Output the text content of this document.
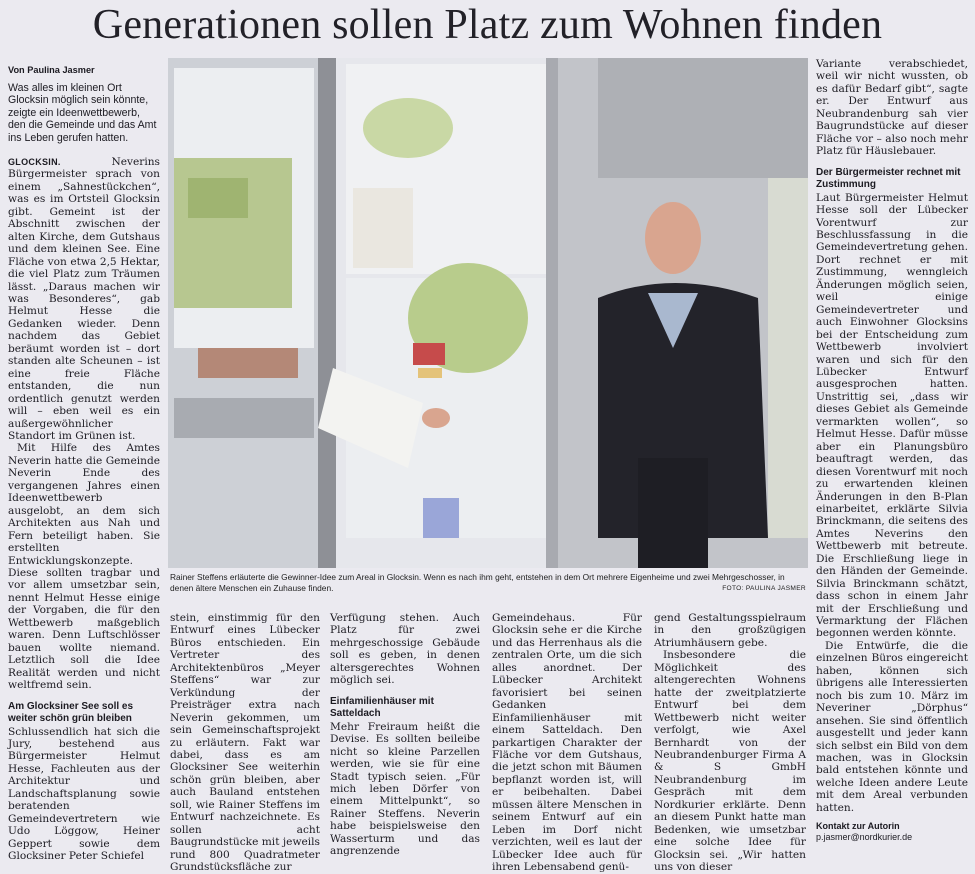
Generationen sollen Platz zum Wohnen finden
Von Paulina Jasmer
Was alles im kleinen Ort Glocksin möglich sein könnte, zeigte ein Ideenwettbewerb, den die Gemeinde und das Amt ins Leben gerufen hatten.

GLOCKSIN.	Neverins Bürgermeister sprach von einem „Sahnestückchen“, was es im Ortsteil Glocksin gibt. Gemeint ist der Abschnitt zwischen der alten Kirche, dem Gutshaus und dem kleinen See. Eine Fläche von etwa 2,5 Hektar, die viel Platz zum Träumen lässt. „Daraus machen wir was Besonderes“, gab Helmut Hesse die Gedanken wieder. Denn nachdem das Gebiet beräumt worden ist – dort standen alte Scheunen – ist eine freie Fläche entstanden, die nun ordentlich genutzt werden will – eben weil es ein außergewöhnlicher Standort im Grünen ist.

Mit Hilfe des Amtes Neverin hatte die Gemeinde Neverin Ende des vergangenen Jahres einen Ideenwettbewerb ausgelobt, an dem sich Architekten aus Nah und Fern beteiligt haben. Sie erstellten Entwicklungskonzepte. Diese sollten tragbar und vor allem umsetzbar sein, nennt Helmut Hesse einige der Vorgaben, die für den Wettbewerb maßgeblich waren. Denn Luftschlösser bauen wollte niemand. Letztlich soll die Idee Realität werden und nicht weltfremd sein.

Am Glocksiner See soll es weiter schön grün bleiben

Schlussendlich hat sich die Jury, bestehend aus Bürgermeister Helmut Hesse, Fachleuten aus der Architektur und Landschaftsplanung sowie beratenden Gemeindevertretern wie Udo Löggow, Heiner Geppert sowie dem Glocksiner Peter Schiefel

Rainer Steffens erläuterte die Gewinner-Idee zum Areal in Glocksin. Wenn es nach ihm geht, entstehen in dem Ort mehrere Eigenheime und zwei Mehrgeschosser, in denen ältere Menschen ein Zuhause finden.	FOTO: PAULINA JASMER

stein, einstimmig für den Entwurf eines Lübecker Büros entschieden. Ein Vertreter des Architektenbüros „Meyer Steffens“ war zur Verkündung der Preisträger extra nach Neverin gekommen, um sein Gemeinschaftsprojekt zu erläutern. Fakt war dabei, dass es am Glocksiner See weiterhin schön grün bleiben, aber auch Bauland entstehen soll, wie Rainer Steffens im Entwurf nachzeichnete. Es sollen acht Baugrundstücke mit jeweils rund 800 Quadratmeter Grundstücksfläche zur

Verfügung stehen. Auch Platz für zwei mehrgeschossige Gebäude soll es geben, in denen altersgerechtes Wohnen möglich sei.

Einfamilienhäuser mit Satteldach

Mehr Freiraum heißt die Devise. Es sollten beileibe nicht so kleine Parzellen werden, wie sie für eine Stadt typisch seien. „Für mich leben Dörfer von einem Mittelpunkt“, so Rainer Steffens. Neverin habe beispielsweise den Wasserturm und das angrenzende

Gemeindehaus. Für Glocksin sehe er die Kirche und das Herrenhaus als die zentralen Orte, um die sich alles anordnet. Der Lübecker Architekt favorisiert bei seinen Gedanken Einfamilienhäuser mit einem Satteldach. Den parkartigen Charakter der Fläche vor dem Gutshaus, die jetzt schon mit Bäumen bepflanzt worden ist, will er beibehalten. Dabei müssen ältere Menschen in seinem Entwurf auf ein Leben im Dorf nicht verzichten, weil es laut der Lübecker Idee auch für ihren Lebensabend genü-

gend Gestaltungsspielraum in den großzügigen Atriumhäusern gebe.

Insbesondere die Möglichkeit des altengerechten Wohnens hatte der zweitplatzierte Entwurf bei dem Wettbewerb nicht weiter verfolgt, wie Axel Bernhardt von der Neubrandenburger Firma A & S GmbH Neubrandenburg im Gespräch mit dem Nordkurier erklärte. Denn an diesem Punkt hatte man Bedenken, wie umsetzbar eine solche Idee für Glocksin sei. „Wir hatten uns von dieser

Variante verabschiedet, weil wir nicht wussten, ob es dafür Bedarf gibt“, sagte er. Der Entwurf aus Neubrandenburg sah vier Baugrundstücke auf dieser Fläche vor – also noch mehr Platz für Häuslebauer.

Der Bürgermeister rechnet mit Zustimmung

Laut Bürgermeister Helmut Hesse soll der Lübecker Vorentwurf zur Beschlussfassung in die Gemeindevertretung gehen. Dort rechnet er mit Zustimmung, wenngleich Änderungen möglich seien, weil einige Gemeindevertreter und auch Einwohner Glocksins bei der Entscheidung zum Wettbewerb involviert waren und sich für den Lübecker Entwurf ausgesprochen hatten. Unstrittig sei, „dass wir dieses Gebiet als Gemeinde vermarkten wollen“, so Helmut Hesse. Dafür müsse aber ein Planungsbüro beauftragt werden, das diesen Vorentwurf mit noch zu erwartenden kleinen Änderungen in den B-Plan einarbeitet, erklärte Silvia Brinckmann, die seitens des Amtes Neverins den Wettbewerb mit betreute. Die Erschließung liege in den Händen der Gemeinde. Silvia Brinckmann schätzt, dass schon in einem Jahr mit der Erschließung und Vermarktung der Flächen begonnen werden könnte.

Die Entwürfe, die die einzelnen Büros eingereicht haben, können sich übrigens alle Interessierten noch bis zum 10. März im Neveriner „Dörphus“ ansehen. Sie sind öffentlich ausgestellt und jeder kann sich selbst ein Bild von dem machen, was in Glocksin bald entstehen könnte und welche Ideen andere Leute mit dem Areal verbunden hatten.

Kontakt zur Autorin
p.jasmer@nordkurier.de
